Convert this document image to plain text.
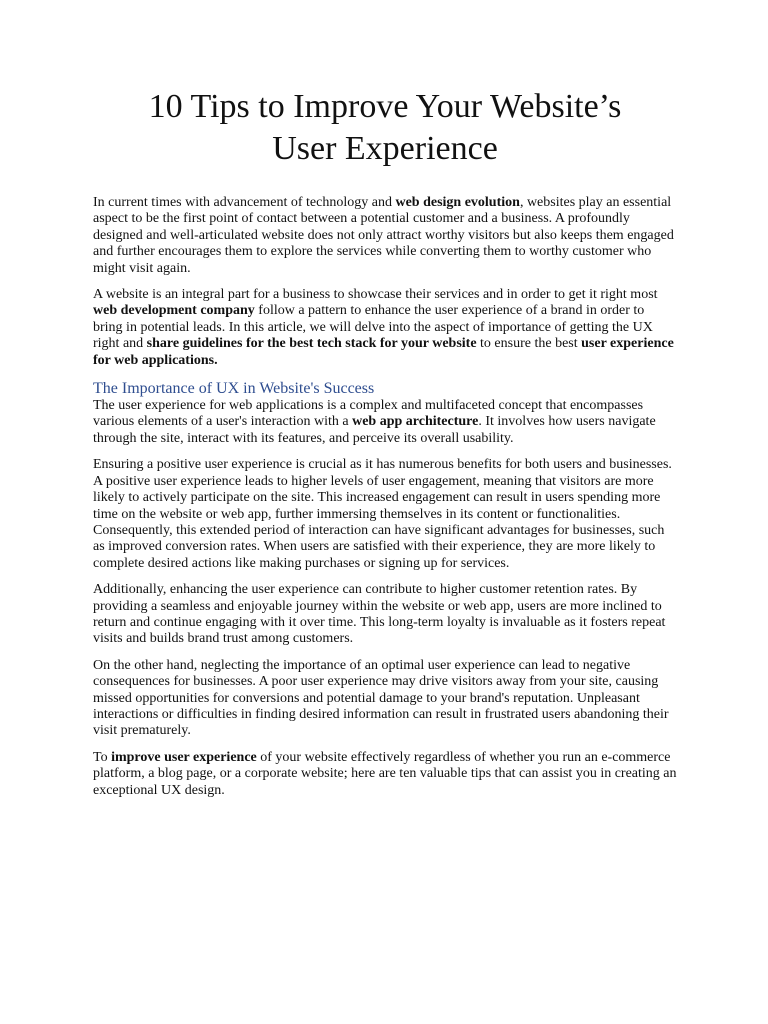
10 Tips to Improve Your Website’s
User Experience

In current times with advancement of technology and web design evolution, websites play an essential aspect to be the first point of contact between a potential customer and a business. A profoundly designed and well-articulated website does not only attract worthy visitors but also keeps them engaged and further encourages them to explore the services while converting them to worthy customer who might visit again.

A website is an integral part for a business to showcase their services and in order to get it right most web development company follow a pattern to enhance the user experience of a brand in order to bring in potential leads. In this article, we will delve into the aspect of importance of getting the UX right and share guidelines for the best tech stack for your website to ensure the best user experience for web applications.

The Importance of UX in Website's Success

The user experience for web applications is a complex and multifaceted concept that encompasses various elements of a user's interaction with a web app architecture. It involves how users navigate through the site, interact with its features, and perceive its overall usability.

Ensuring a positive user experience is crucial as it has numerous benefits for both users and businesses. A positive user experience leads to higher levels of user engagement, meaning that visitors are more likely to actively participate on the site. This increased engagement can result in users spending more time on the website or web app, further immersing themselves in its content or functionalities. Consequently, this extended period of interaction can have significant advantages for businesses, such as improved conversion rates. When users are satisfied with their experience, they are more likely to complete desired actions like making purchases or signing up for services.

Additionally, enhancing the user experience can contribute to higher customer retention rates. By providing a seamless and enjoyable journey within the website or web app, users are more inclined to return and continue engaging with it over time. This long-term loyalty is invaluable as it fosters repeat visits and builds brand trust among customers.

On the other hand, neglecting the importance of an optimal user experience can lead to negative consequences for businesses. A poor user experience may drive visitors away from your site, causing missed opportunities for conversions and potential damage to your brand's reputation. Unpleasant interactions or difficulties in finding desired information can result in frustrated users abandoning their visit prematurely.

To improve user experience of your website effectively regardless of whether you run an e-commerce platform, a blog page, or a corporate website; here are ten valuable tips that can assist you in creating an exceptional UX design.
